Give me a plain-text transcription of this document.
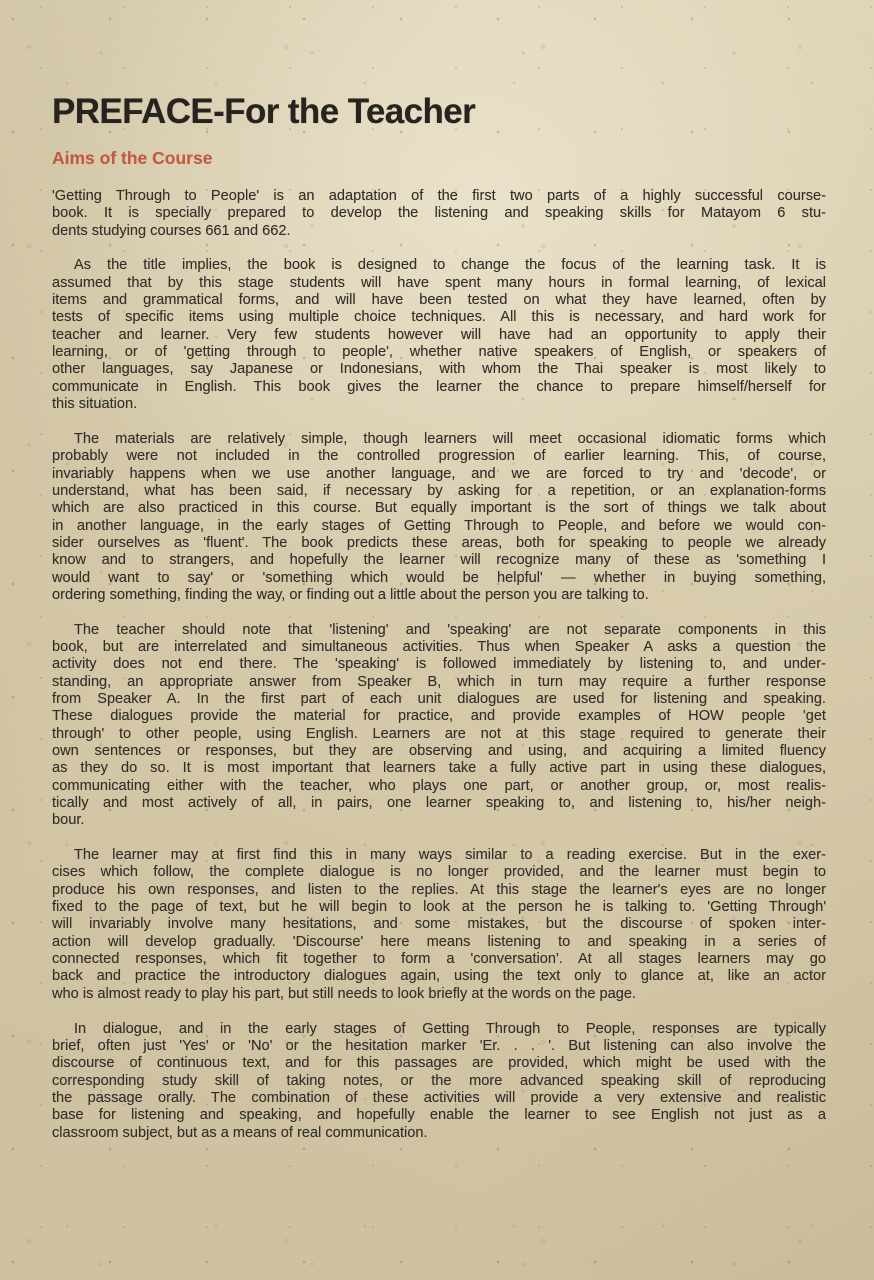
PREFACE-For the Teacher
Aims of the Course
'Getting Through to People' is an adaptation of the first two parts of a highly successful course-
book. It is specially prepared to develop the listening and speaking skills for Matayom 6 stu-
dents studying courses 661 and 662.
As the title implies, the book is designed to change the focus of the learning task. It is
assumed that by this stage students will have spent many hours in formal learning, of lexical
items and grammatical forms, and will have been tested on what they have learned, often by
tests of specific items using multiple choice techniques. All this is necessary, and hard work for
teacher and learner. Very few students however will have had an opportunity to apply their
learning, or of 'getting through to people', whether native speakers of English, or speakers of
other languages, say Japanese or Indonesians, with whom the Thai speaker is most likely to
communicate in English. This book gives the learner the chance to prepare himself/herself for
this situation.
The materials are relatively simple, though learners will meet occasional idiomatic forms which
probably were not included in the controlled progression of earlier learning. This, of course,
invariably happens when we use another language, and we are forced to try and 'decode', or
understand, what has been said, if necessary by asking for a repetition, or an explanation-forms
which are also practiced in this course. But equally important is the sort of things we talk about
in another language, in the early stages of Getting Through to People, and before we would con-
sider ourselves as 'fluent'. The book predicts these areas, both for speaking to people we already
know and to strangers, and hopefully the learner will recognize many of these as 'something I
would want to say' or 'something which would be helpful' — whether in buying something,
ordering something, finding the way, or finding out a little about the person you are talking to.
The teacher should note that 'listening' and 'speaking' are not separate components in this
book, but are interrelated and simultaneous activities. Thus when Speaker A asks a question the
activity does not end there. The 'speaking' is followed immediately by listening to, and under-
standing, an appropriate answer from Speaker B, which in turn may require a further response
from Speaker A. In the first part of each unit dialogues are used for listening and speaking.
These dialogues provide the material for practice, and provide examples of HOW people 'get
through' to other people, using English. Learners are not at this stage required to generate their
own sentences or responses, but they are observing and using, and acquiring a limited fluency
as they do so. It is most important that learners take a fully active part in using these dialogues,
communicating either with the teacher, who plays one part, or another group, or, most realis-
tically and most actively of all, in pairs, one learner speaking to, and listening to, his/her neigh-
bour.
The learner may at first find this in many ways similar to a reading exercise. But in the exer-
cises which follow, the complete dialogue is no longer provided, and the learner must begin to
produce his own responses, and listen to the replies. At this stage the learner's eyes are no longer
fixed to the page of text, but he will begin to look at the person he is talking to. 'Getting Through'
will invariably involve many hesitations, and some mistakes, but the discourse of spoken inter-
action will develop gradually. 'Discourse' here means listening to and speaking in a series of
connected responses, which fit together to form a 'conversation'. At all stages learners may go
back and practice the introductory dialogues again, using the text only to glance at, like an actor
who is almost ready to play his part, but still needs to look briefly at the words on the page.
In dialogue, and in the early stages of Getting Through to People, responses are typically
brief, often just 'Yes' or 'No' or the hesitation marker 'Er. . . '. But listening can also involve the
discourse of continuous text, and for this passages are provided, which might be used with the
corresponding study skill of taking notes, or the more advanced speaking skill of reproducing
the passage orally. The combination of these activities will provide a very extensive and realistic
base for listening and speaking, and hopefully enable the learner to see English not just as a
classroom subject, but as a means of real communication.
